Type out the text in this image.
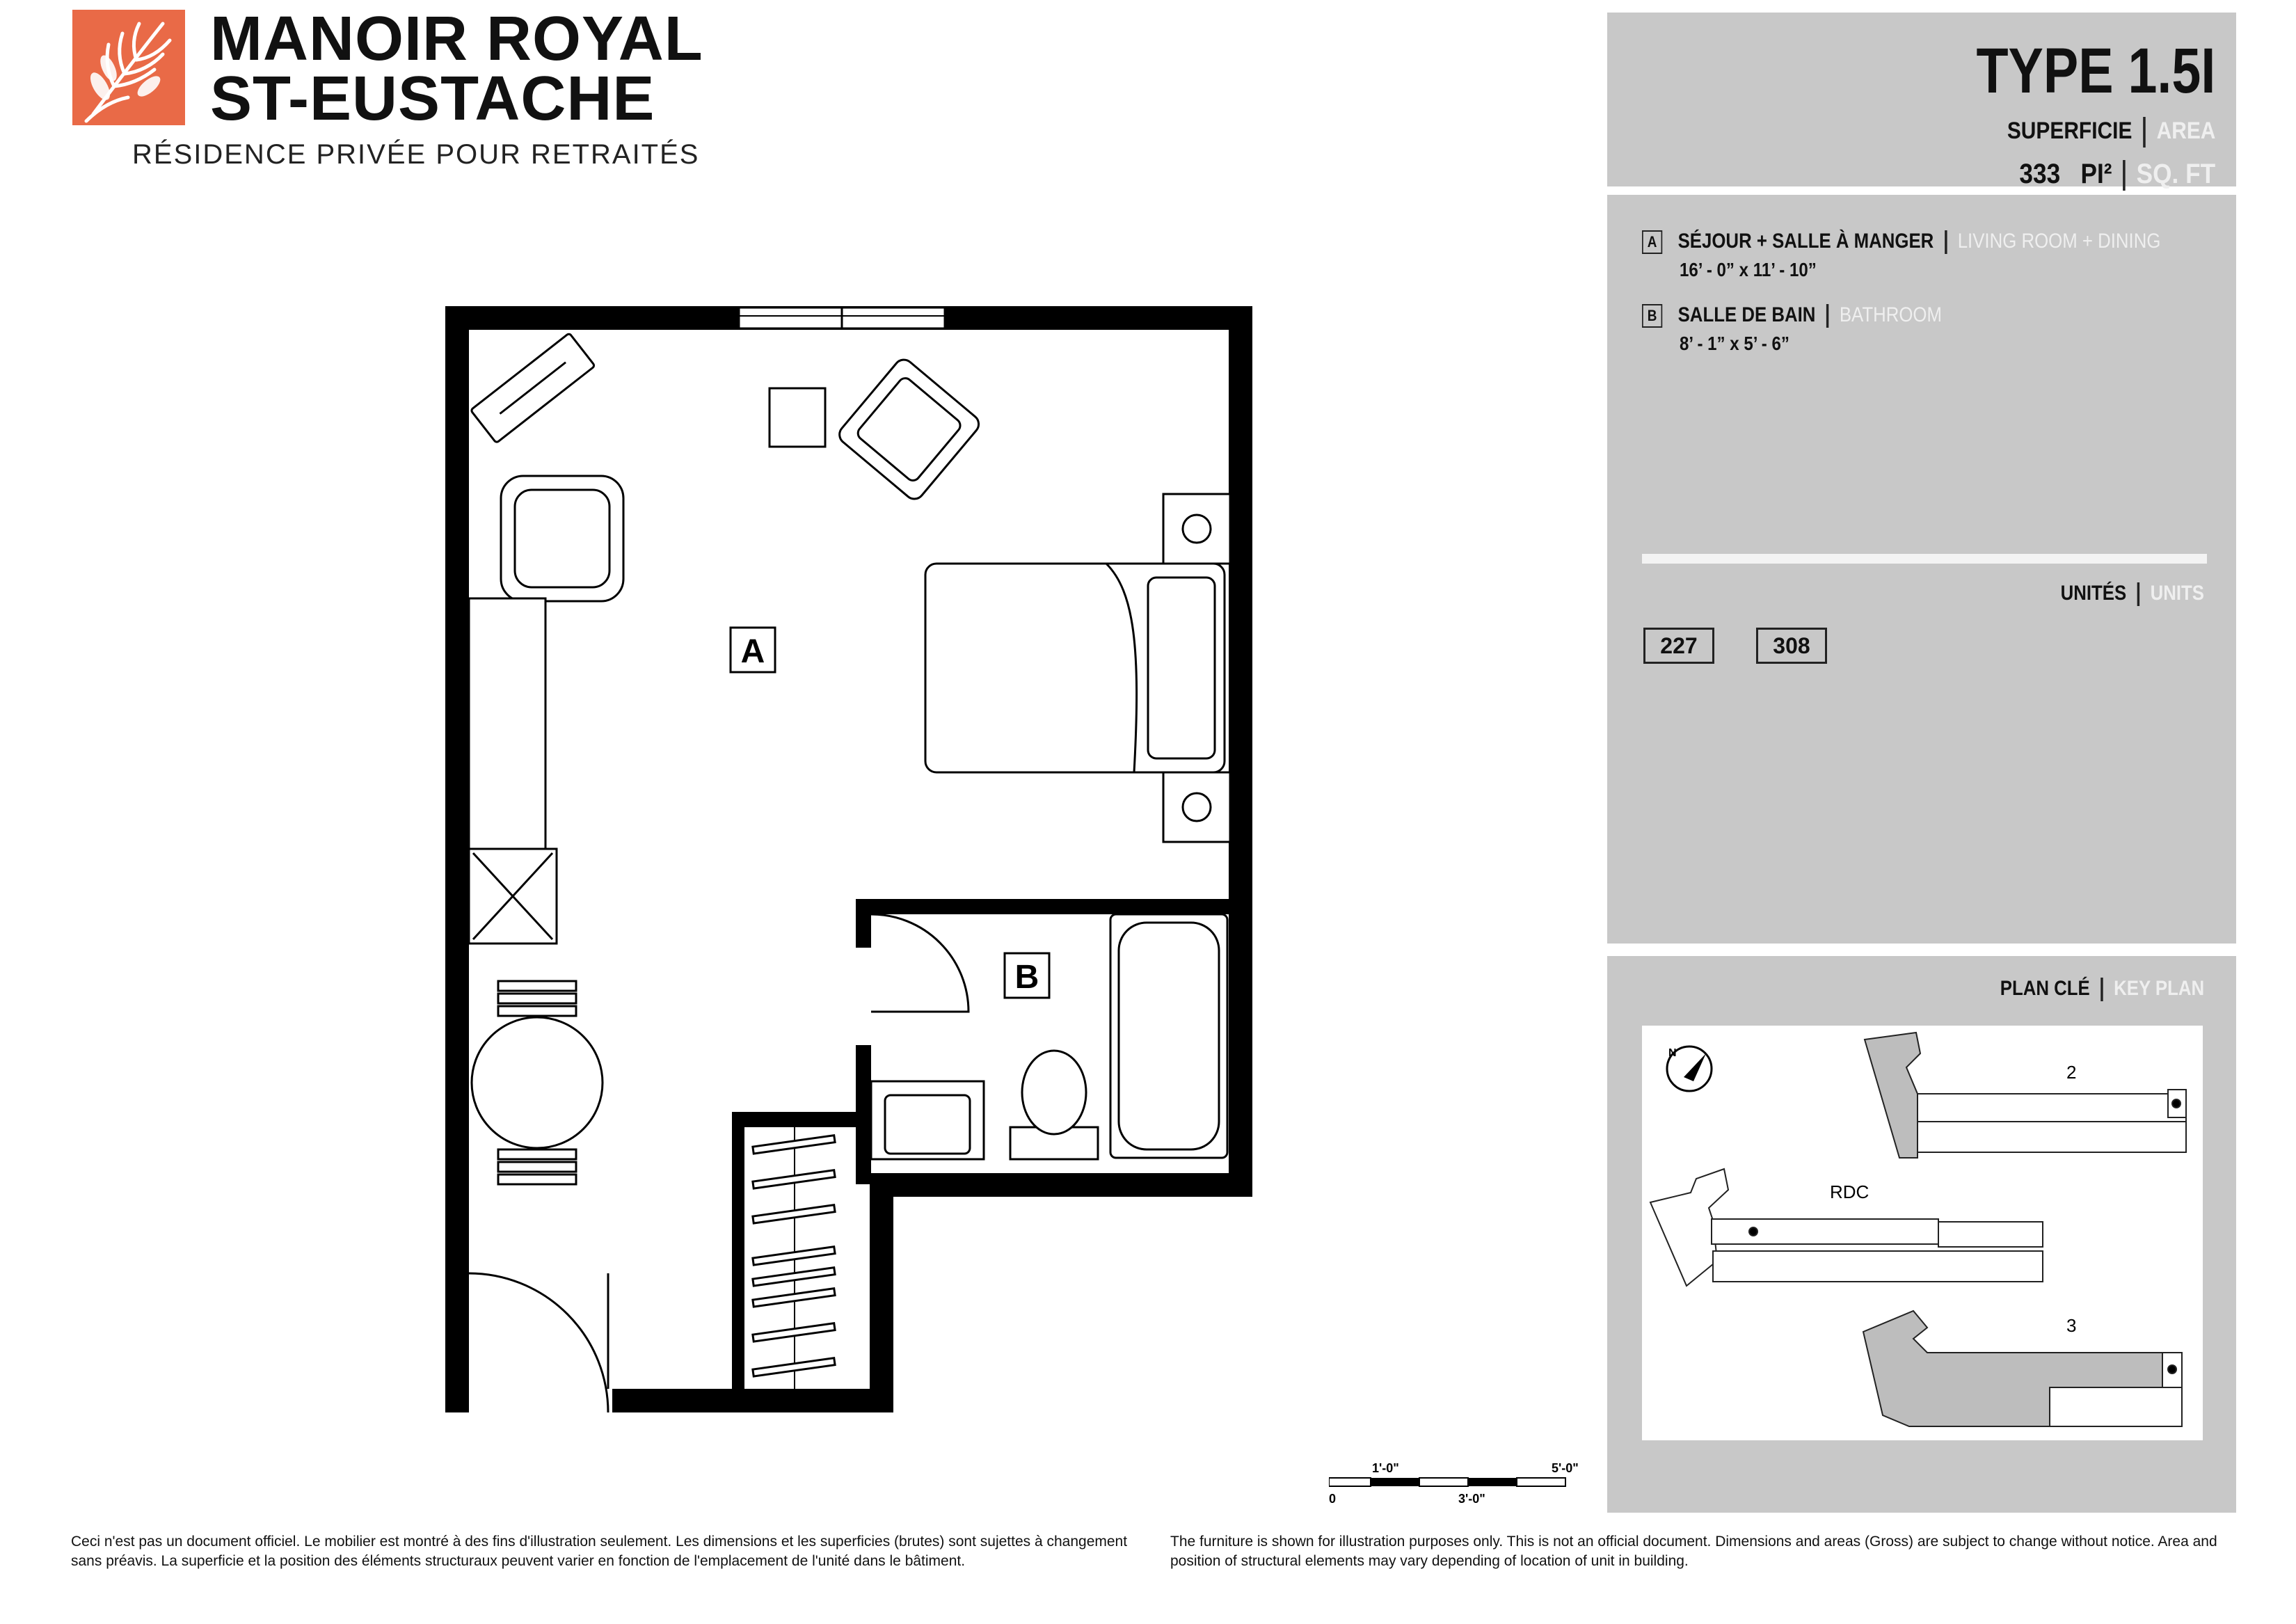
MANOIR ROYAL
ST-EUSTACHE
RÉSIDENCE PRIVÉE POUR RETRAITÉS
A
B
1'-0"	5'-0"
0	3'-0"
TYPE 1.5I
SUPERFICIE AREA
333 PI² SQ. FT
A SÉJOUR + SALLE À MANGER LIVING ROOM + DINING
16’ - 0” x 11’ - 10”
B SALLE DE BAIN BATHROOM
8’ - 1” x 5’ - 6”
UNITÉS UNITS
227	308
PLAN CLÉ KEY PLAN
N
2
RDC
3
Ceci n'est pas un document officiel. Le mobilier est montré à des fins d'illustration seulement. Les dimensions et les superficies (brutes) sont sujettes à changement sans préavis. La superficie et la position des éléments structuraux peuvent varier en fonction de l'emplacement de l'unité dans le bâtiment.
The furniture is shown for illustration purposes only. This is not an official document. Dimensions and areas (Gross) are subject to change without notice. Area and position of structural elements may vary depending of location of unit in building.
